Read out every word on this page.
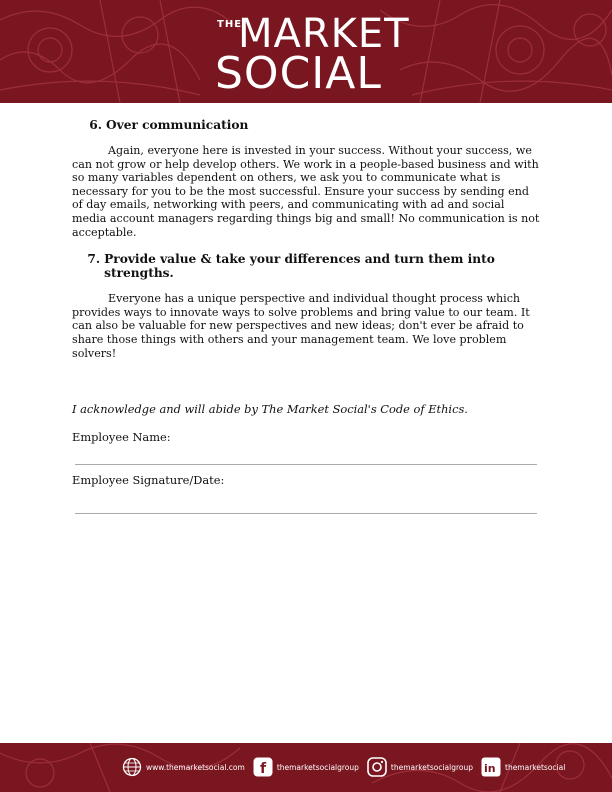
THE
MARKET
SOCIAL
6. Over communication

Again, everyone here is invested in your success. Without your success, we can not grow or help develop others. We work in a people-based business and with so many variables dependent on others, we ask you to communicate what is necessary for you to be the most successful. Ensure your success by sending end of day emails, networking with peers, and communicating with ad and social media account managers regarding things big and small! No communication is not acceptable.

7. Provide value & take your differences and turn them into strengths.

Everyone has a unique perspective and individual thought process which provides ways to innovate ways to solve problems and bring value to our team. It can also be valuable for new perspectives and new ideas; don't ever be afraid to share those things with others and your management team. We love problem solvers!

I acknowledge and will abide by The Market Social's Code of Ethics.

Employee Name:

Employee Signature/Date:

www.themarketsocial.com f themarketsocialgroup	themarketsocialgroup in themarketsocial
